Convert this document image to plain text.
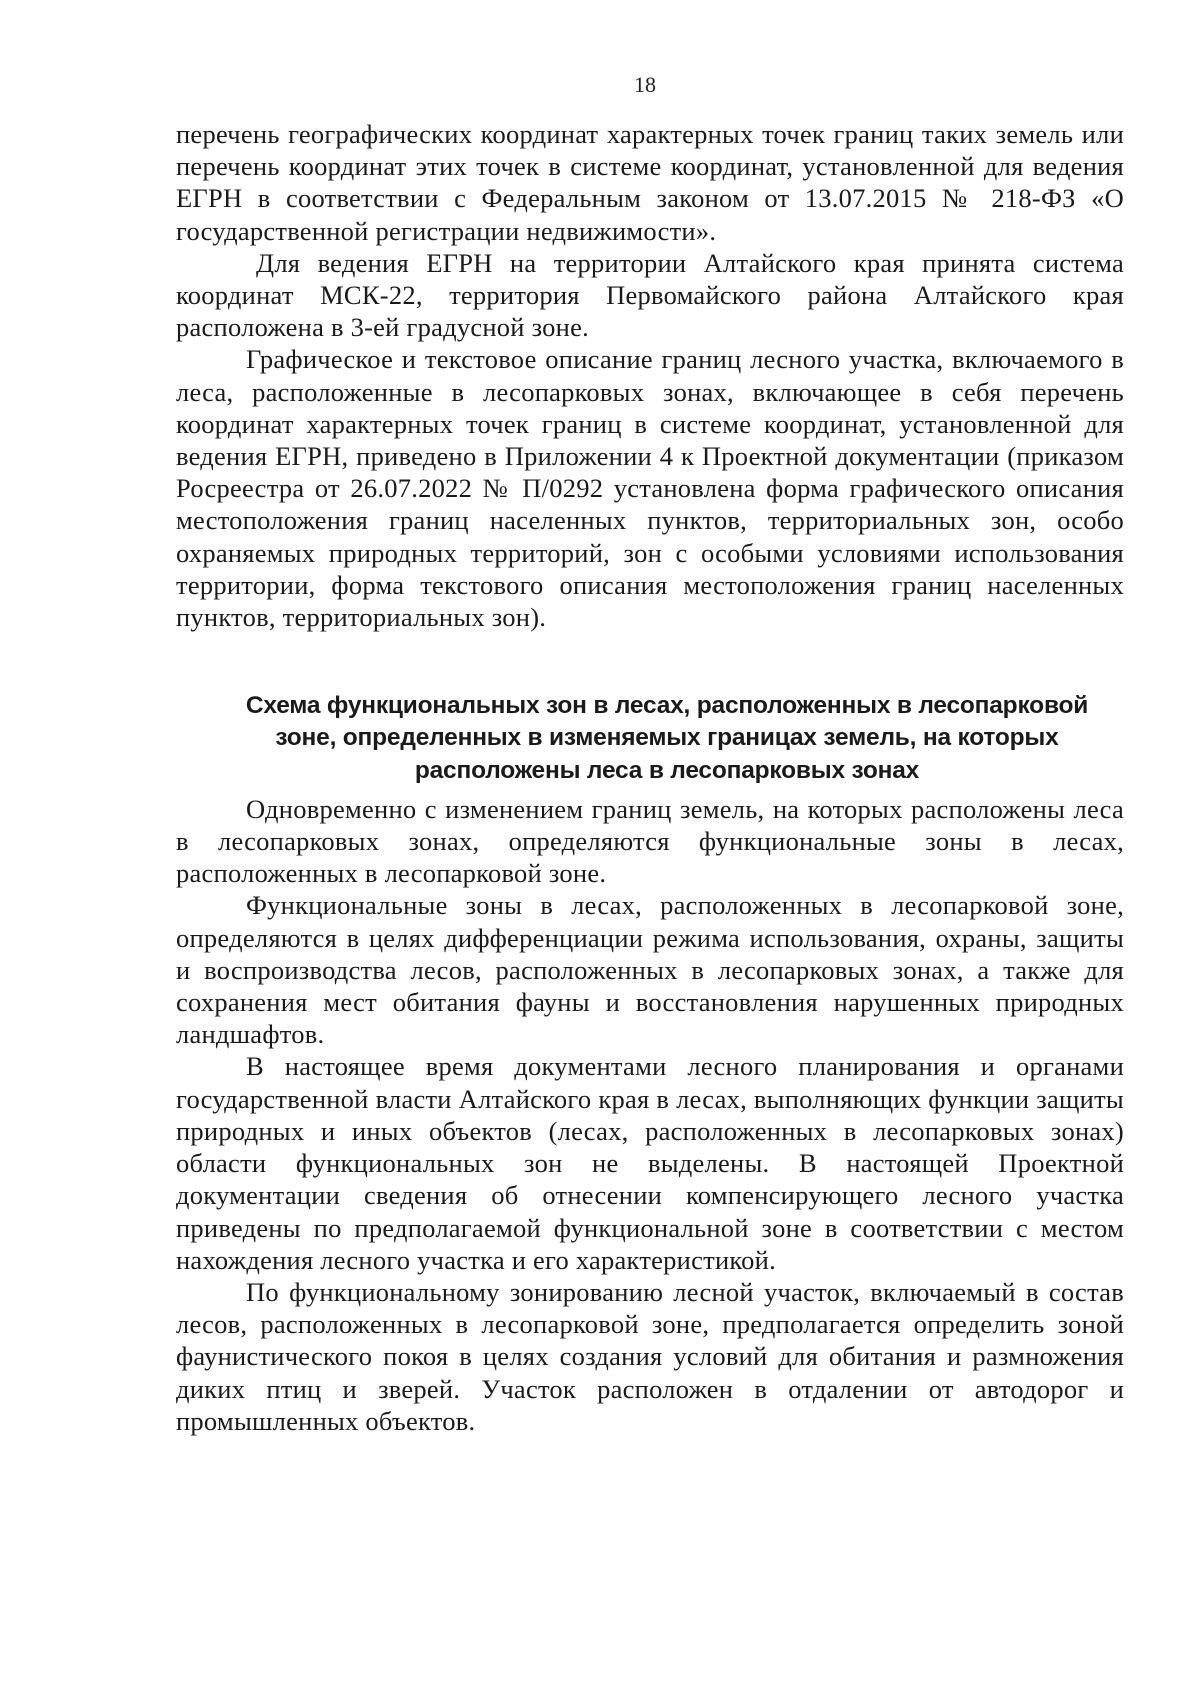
18

перечень географических координат характерных точек границ таких земель или перечень координат этих точек в системе координат, установленной для ведения ЕГРН в соответствии с Федеральным законом от 13.07.2015 № 218-ФЗ «О государственной регистрации недвижимости».

Для ведения ЕГРН на территории Алтайского края принята система координат МСК-22, территория Первомайского района Алтайского края расположена в 3-ей градусной зоне.

Графическое и текстовое описание границ лесного участка, включаемого в леса, расположенные в лесопарковых зонах, включающее в себя перечень координат характерных точек границ в системе координат, установленной для ведения ЕГРН, приведено в Приложении 4 к Проектной документации (приказом Росреестра от 26.07.2022 № П/0292 установлена форма графического описания местоположения границ населенных пунктов, территориальных зон, особо охраняемых природных территорий, зон с особыми условиями использования территории, форма текстового описания местоположения границ населенных пунктов, территориальных зон).

Схема функциональных зон в лесах, расположенных в лесопарковой зоне, определенных в изменяемых границах земель, на которых расположены леса в лесопарковых зонах

Одновременно с изменением границ земель, на которых расположены леса в лесопарковых зонах, определяются функциональные зоны в лесах, расположенных в лесопарковой зоне.

Функциональные зоны в лесах, расположенных в лесопарковой зоне, определяются в целях дифференциации режима использования, охраны, защиты и воспроизводства лесов, расположенных в лесопарковых зонах, а также для сохранения мест обитания фауны и восстановления нарушенных природных ландшафтов.

В настоящее время документами лесного планирования и органами государственной власти Алтайского края в лесах, выполняющих функции защиты природных и иных объектов (лесах, расположенных в лесопарковых зонах) области функциональных зон не выделены. В настоящей Проектной документации сведения об отнесении компенсирующего лесного участка приведены по предполагаемой функциональной зоне в соответствии с местом нахождения лесного участка и его характеристикой.

По функциональному зонированию лесной участок, включаемый в состав лесов, расположенных в лесопарковой зоне, предполагается определить зоной фаунистического покоя в целях создания условий для обитания и размножения диких птиц и зверей. Участок расположен в отдалении от автодорог и промышленных объектов.
